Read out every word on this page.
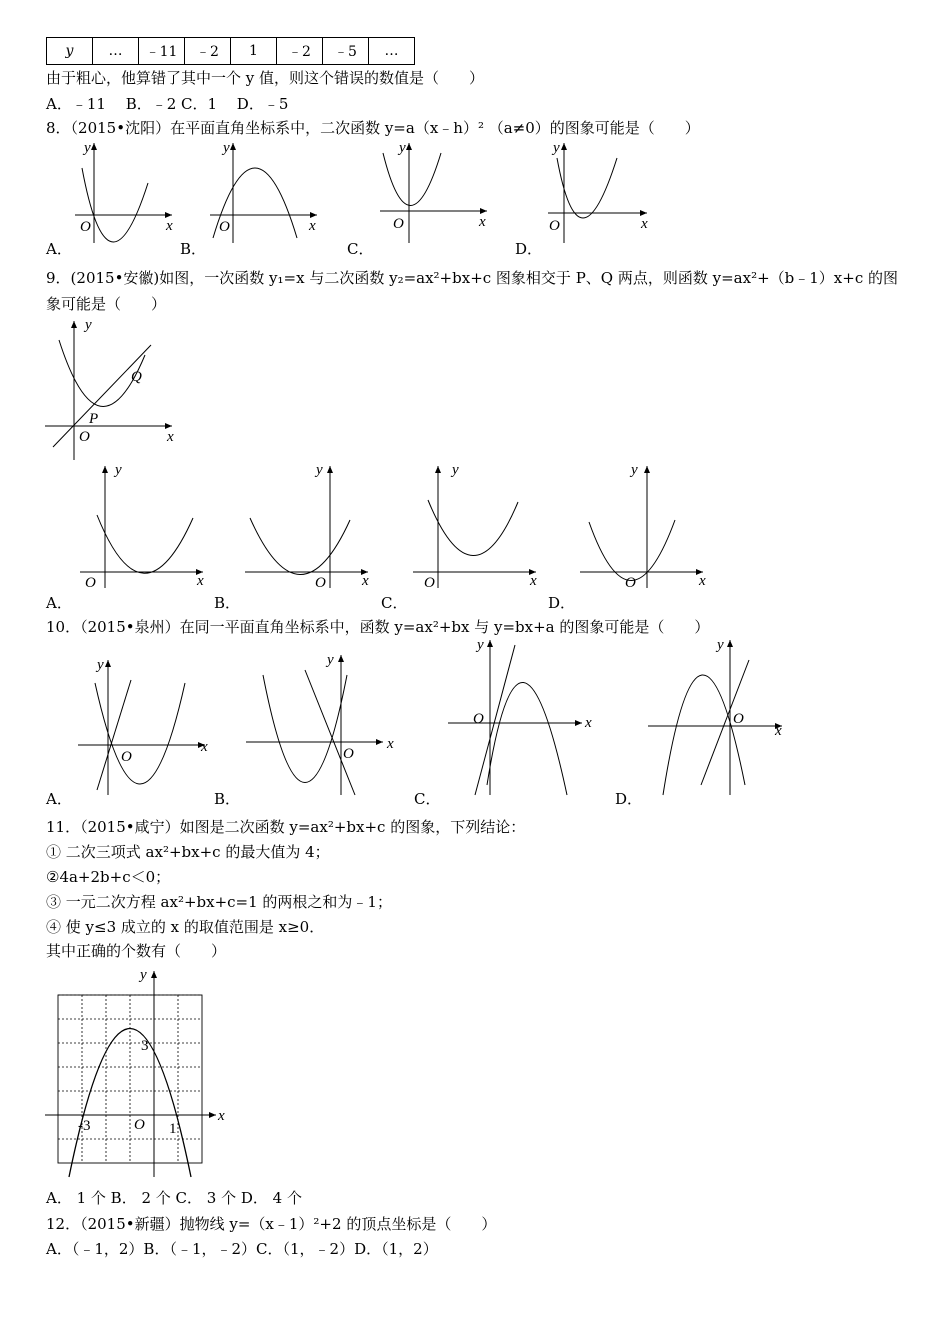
y	…	﹣11	﹣2	1	﹣2	﹣5	…
由于粗心，他算错了其中一个 y 值，则这个错误的数值是（　　）
A．﹣11　 B．﹣2 C．1　 D．﹣5
8．（2015•沈阳）在平面直角坐标系中，二次函数 y=a（x﹣h）² （a≠0）的图象可能是（　　）
x
y
O	x
y
O	x
y
O	x
y
O
A．	B．	C．	D．
9．(2015•安徽)如图，一次函数 y₁=x 与二次函数 y₂=ax²+bx+c 图象相交于 P、Q 两点，则函数 y=ax²+（b﹣1）x+c 的图
象可能是（　　）
x
y
O
P
Q
x
y
O	x
y
O	x
y
O	x
y
O
A．	B．	C．	D．
10．（2015•泉州）在同一平面直角坐标系中，函数 y=ax²+bx 与 y=bx+a 的图象可能是（　　）
x
y
O
x
y
O
x
y
O
x
y
O
A．	B．	C．	D．
11．（2015•咸宁）如图是二次函数 y=ax²+bx+c 的图象，下列结论：
① 二次三项式 ax²+bx+c 的最大值为 4；
②4a+2b+c＜0；
③ 一元二次方程 ax²+bx+c=1 的两根之和为﹣1；
④ 使 y≤3 成立的 x 的取值范围是 x≥0．
其中正确的个数有（　　）
x
y
3
-3	O 1
A． 1 个 B． 2 个 C． 3 个 D． 4 个
12．（2015•新疆）抛物线 y=（x﹣1）²+2 的顶点坐标是（　　）
A．（﹣1，2）B．（﹣1，﹣2）C．（1，﹣2）D．（1，2）
